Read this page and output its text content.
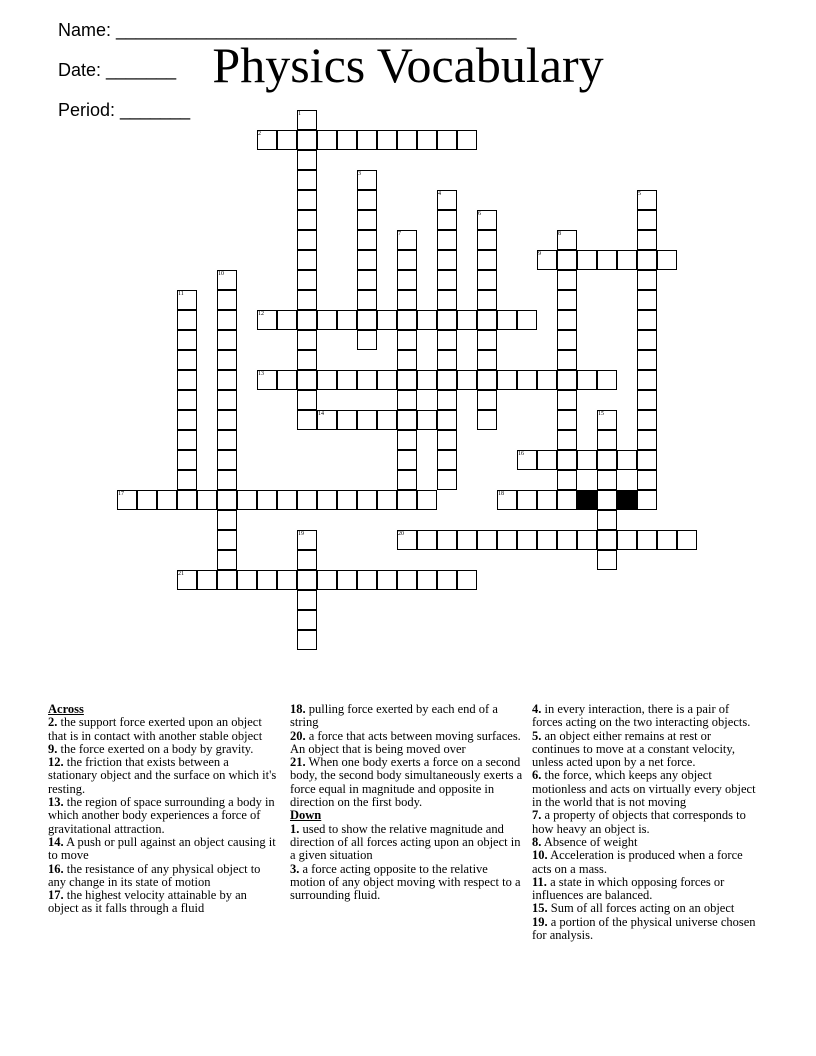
Name: ________________________________________

Date: _______

Period: _______

Physics Vocabulary
1
2
3
4	5
6
7	8
9
10
11
12
13
14	15
16
17	18
19	20
21
Across
2. the support force exerted upon an object that is in contact with another stable object
9. the force exerted on a body by gravity.
12. the friction that exists between a stationary object and the surface on which it's resting.
13. the region of space surrounding a body in which another body experiences a force of gravitational attraction.
14. A push or pull against an object causing it to move
16. the resistance of any physical object to any change in its state of motion
17. the highest velocity attainable by an object as it falls through a fluid
18. pulling force exerted by each end of a string
20. a force that acts between moving surfaces. An object that is being moved over
21. When one body exerts a force on a second body, the second body simultaneously exerts a force equal in magnitude and opposite in direction on the first body.
Down
1. used to show the relative magnitude and direction of all forces acting upon an object in a given situation
3. a force acting opposite to the relative motion of any object moving with respect to a surrounding fluid.
4. in every interaction, there is a pair of forces acting on the two interacting objects.
5. an object either remains at rest or continues to move at a constant velocity, unless acted upon by a net force.
6. the force, which keeps any object motionless and acts on virtually every object in the world that is not moving
7. a property of objects that corresponds to how heavy an object is.
8. Absence of weight
10. Acceleration is produced when a force acts on a mass.
11. a state in which opposing forces or influences are balanced.
15. Sum of all forces acting on an object
19. a portion of the physical universe chosen for analysis.
